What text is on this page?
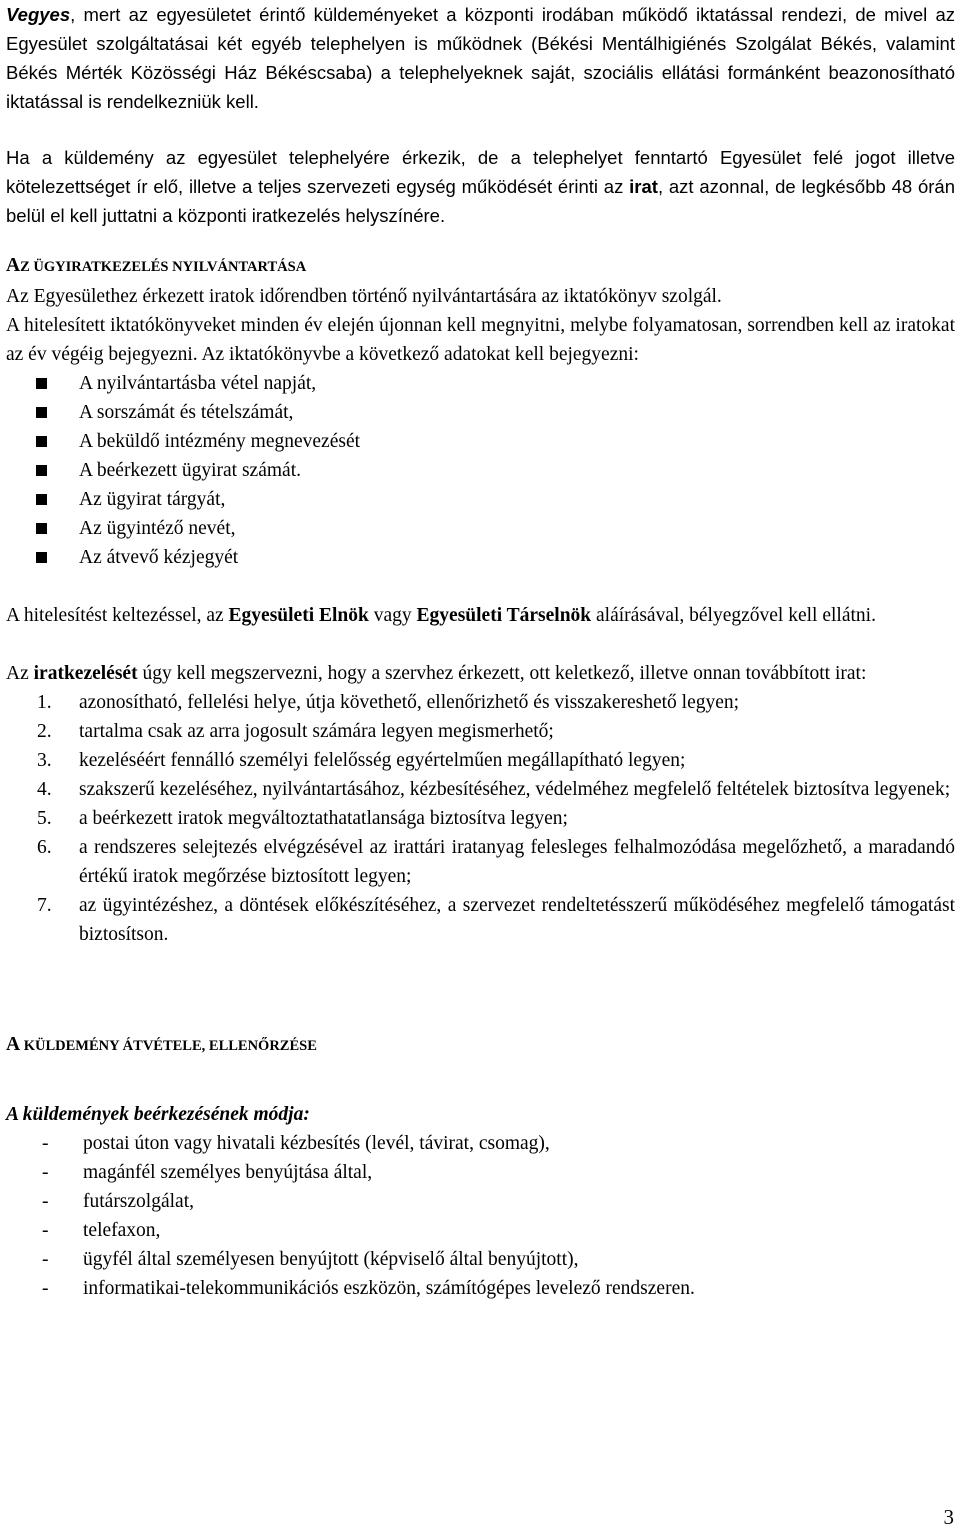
Vegyes, mert az egyesületet érintő küldeményeket a központi irodában működő iktatással rendezi, de mivel az Egyesület szolgáltatásai két egyéb telephelyen is működnek (Békési Mentálhigiénés Szolgálat Békés, valamint Békés Mérték Közösségi Ház Békéscsaba) a telephelyeknek saját, szociális ellátási formánként beazonosítható iktatással is rendelkezniük kell.

Ha a küldemény az egyesület telephelyére érkezik, de a telephelyet fenntartó Egyesület felé jogot illetve kötelezettséget ír elő, illetve a teljes szervezeti egység működését érinti az irat, azt azonnal, de legkésőbb 48 órán belül el kell juttatni a központi iratkezelés helyszínére.

AZ ÜGYIRATKEZELÉS NYILVÁNTARTÁSA

Az Egyesülethez érkezett iratok időrendben történő nyilvántartására az iktatókönyv szolgál.

A hitelesített iktatókönyveket minden év elején újonnan kell megnyitni, melybe folyamatosan, sorrendben kell az iratokat az év végéig bejegyezni. Az iktatókönyvbe a következő adatokat kell bejegyezni:

A nyilvántartásba vétel napját,
A sorszámát és tételszámát,
A beküldő intézmény megnevezését
A beérkezett ügyirat számát.
Az ügyirat tárgyát,
Az ügyintéző nevét,
Az átvevő kézjegyét

A hitelesítést keltezéssel, az Egyesületi Elnök vagy Egyesületi Társelnök aláírásával, bélyegzővel kell ellátni.

Az iratkezelését úgy kell megszervezni, hogy a szervhez érkezett, ott keletkező, illetve onnan továbbított irat:

1. azonosítható, fellelési helye, útja követhető, ellenőrizhető és visszakereshető legyen;
2. tartalma csak az arra jogosult számára legyen megismerhető;
3. kezeléséért fennálló személyi felelősség egyértelműen megállapítható legyen;
4. szakszerű kezeléséhez, nyilvántartásához, kézbesítéséhez, védelméhez megfelelő feltételek biztosítva legyenek;
5. a beérkezett iratok megváltoztathatatlansága biztosítva legyen;
6. a rendszeres selejtezés elvégzésével az irattári iratanyag felesleges felhalmozódása megelőzhető, a maradandó értékű iratok megőrzése biztosított legyen;
7. az ügyintézéshez, a döntések előkészítéséhez, a szervezet rendeltetésszerű működéséhez megfelelő támogatást biztosítson.

A KÜLDEMÉNY ÁTVÉTELE, ELLENŐRZÉSE

A küldemények beérkezésének módja:

- postai úton vagy hivatali kézbesítés (levél, távirat, csomag),
- magánfél személyes benyújtása által,
- futárszolgálat,
- telefaxon,
- ügyfél által személyesen benyújtott (képviselő által benyújtott),
- informatikai-telekommunikációs eszközön, számítógépes levelező rendszeren.
3
